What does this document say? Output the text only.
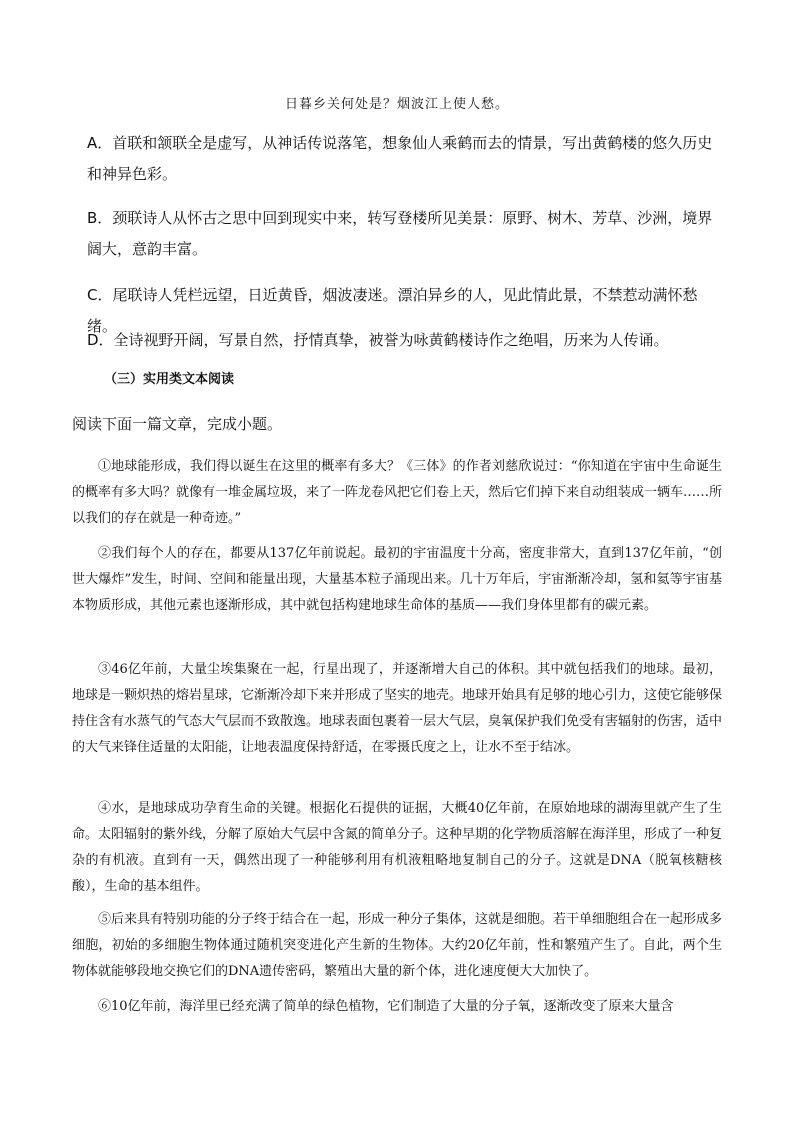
日暮乡关何处是？烟波江上使人愁。
A．首联和颔联全是虚写，从神话传说落笔，想象仙人乘鹤而去的情景，写出黄鹤楼的悠久历史和神异色彩。
B．颈联诗人从怀古之思中回到现实中来，转写登楼所见美景：原野、树木、芳草、沙洲，境界阔大，意韵丰富。
C．尾联诗人凭栏远望，日近黄昏，烟波凄迷。漂泊异乡的人，见此情此景，不禁惹动满怀愁绪。
D．全诗视野开阔，写景自然，抒情真挚，被誉为咏黄鹤楼诗作之绝唱，历来为人传诵。
（三）实用类文本阅读
阅读下面一篇文章，完成小题。
①地球能形成，我们得以诞生在这里的概率有多大？《三体》的作者刘慈欣说过：“你知道在宇宙中生命诞生的概率有多大吗？就像有一堆金属垃圾，来了一阵龙卷风把它们卷上天，然后它们掉下来自动组装成一辆车……所以我们的存在就是一种奇迹。”
②我们每个人的存在，都要从137亿年前说起。最初的宇宙温度十分高，密度非常大，直到137亿年前，“创世大爆炸”发生，时间、空间和能量出现，大量基本粒子涌现出来。几十万年后，宇宙渐渐冷却，氢和氦等宇宙基本物质形成，其他元素也逐渐形成，其中就包括构建地球生命体的基质——我们身体里都有的碳元素。
③46亿年前，大量尘埃集聚在一起，行星出现了，并逐渐增大自己的体积。其中就包括我们的地球。最初，地球是一颗炽热的熔岩星球，它渐渐冷却下来并形成了坚实的地壳。地球开始具有足够的地心引力，这使它能够保持住含有水蒸气的气态大气层而不致散逸。地球表面包裹着一层大气层，臭氧保护我们免受有害辐射的伤害，适中的大气来锋住适量的太阳能，让地表温度保持舒适，在零摄氏度之上，让水不至于结冰。
④水，是地球成功孕育生命的关键。根据化石提供的证据，大概40亿年前，在原始地球的湖海里就产生了生命。太阳辐射的紫外线，分解了原始大气层中含氮的简单分子。这种早期的化学物质溶解在海洋里，形成了一种复杂的有机液。直到有一天，偶然出现了一种能够利用有机液粗略地复制自己的分子。这就是DNA（脱氧核糖核酸），生命的基本组件。
⑤后来具有特别功能的分子终于结合在一起，形成一种分子集体，这就是细胞。若干单细胞组合在一起形成多细胞，初始的多细胞生物体通过随机突变进化产生新的生物体。大约20亿年前，性和繁殖产生了。自此，两个生物体就能够段地交换它们的DNA遗传密码，繁殖出大量的新个体，进化速度便大大加快了。
⑥10亿年前，海洋里已经充满了简单的绿色植物，它们制造了大量的分子氧，逐渐改变了原来大量含
